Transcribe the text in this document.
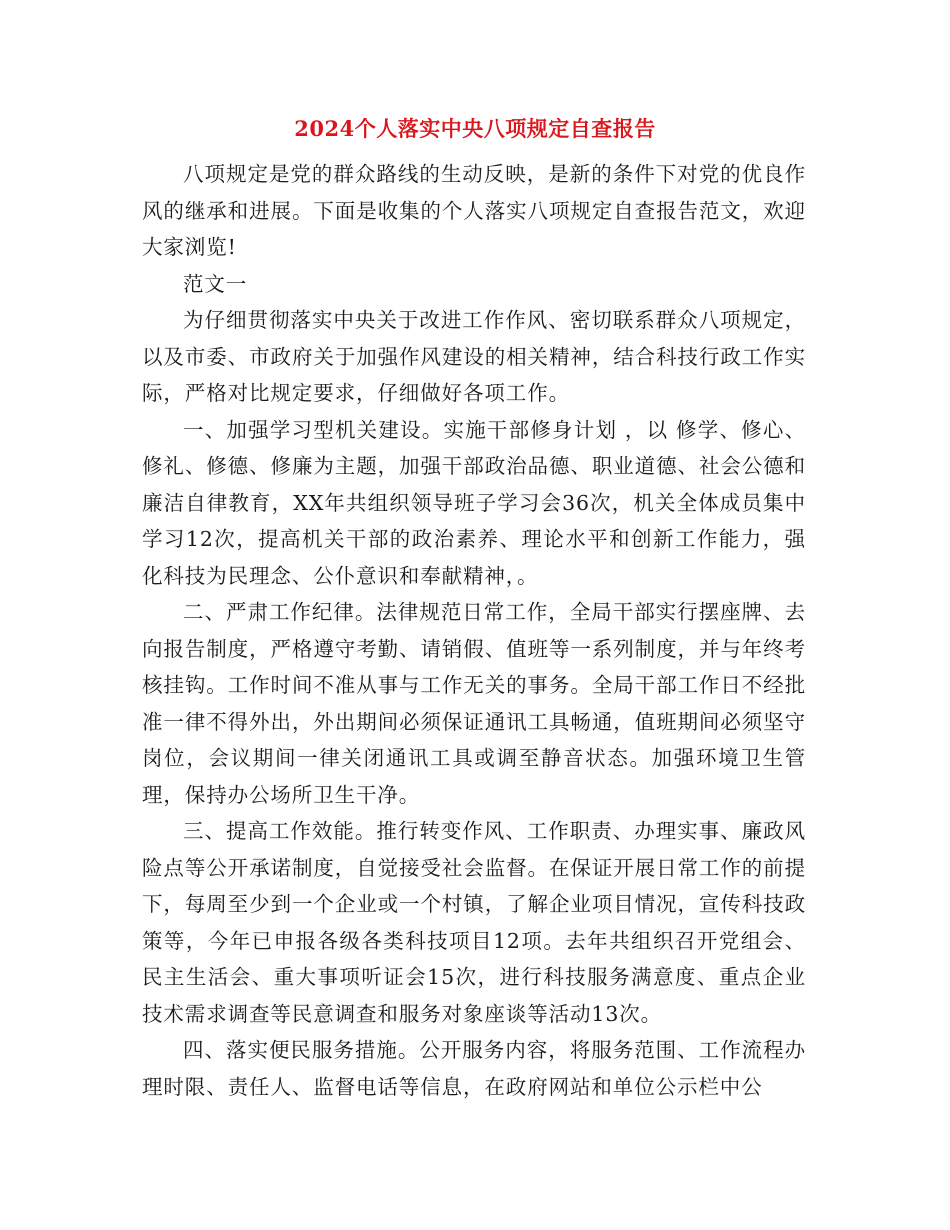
2024个人落实中央八项规定自查报告

八项规定是党的群众路线的生动反映，是新的条件下对党的优良作风的继承和进展。下面是收集的个人落实八项规定自查报告范文，欢迎大家浏览!

范文一

为仔细贯彻落实中央关于改进工作作风、密切联系群众八项规定，以及市委、市政府关于加强作风建设的相关精神，结合科技行政工作实际，严格对比规定要求，仔细做好各项工作。

一、加强学习型机关建设。实施干部修身计划 ，以 修学、修心、修礼、修德、修廉为主题，加强干部政治品德、职业道德、社会公德和廉洁自律教育，XX年共组织领导班子学习会36次，机关全体成员集中学习12次，提高机关干部的政治素养、理论水平和创新工作能力，强化科技为民理念、公仆意识和奉献精神，。

二、严肃工作纪律。法律规范日常工作，全局干部实行摆座牌、去向报告制度，严格遵守考勤、请销假、值班等一系列制度，并与年终考核挂钩。工作时间不准从事与工作无关的事务。全局干部工作日不经批准一律不得外出，外出期间必须保证通讯工具畅通，值班期间必须坚守岗位，会议期间一律关闭通讯工具或调至静音状态。加强环境卫生管理，保持办公场所卫生干净。

三、提高工作效能。推行转变作风、工作职责、办理实事、廉政风险点等公开承诺制度，自觉接受社会监督。在保证开展日常工作的前提下，每周至少到一个企业或一个村镇，了解企业项目情况，宣传科技政策等，今年已申报各级各类科技项目12项。去年共组织召开党组会、民主生活会、重大事项听证会15次，进行科技服务满意度、重点企业技术需求调查等民意调查和服务对象座谈等活动13次。

四、落实便民服务措施。公开服务内容，将服务范围、工作流程办理时限、责任人、监督电话等信息，在政府网站和单位公示栏中公
